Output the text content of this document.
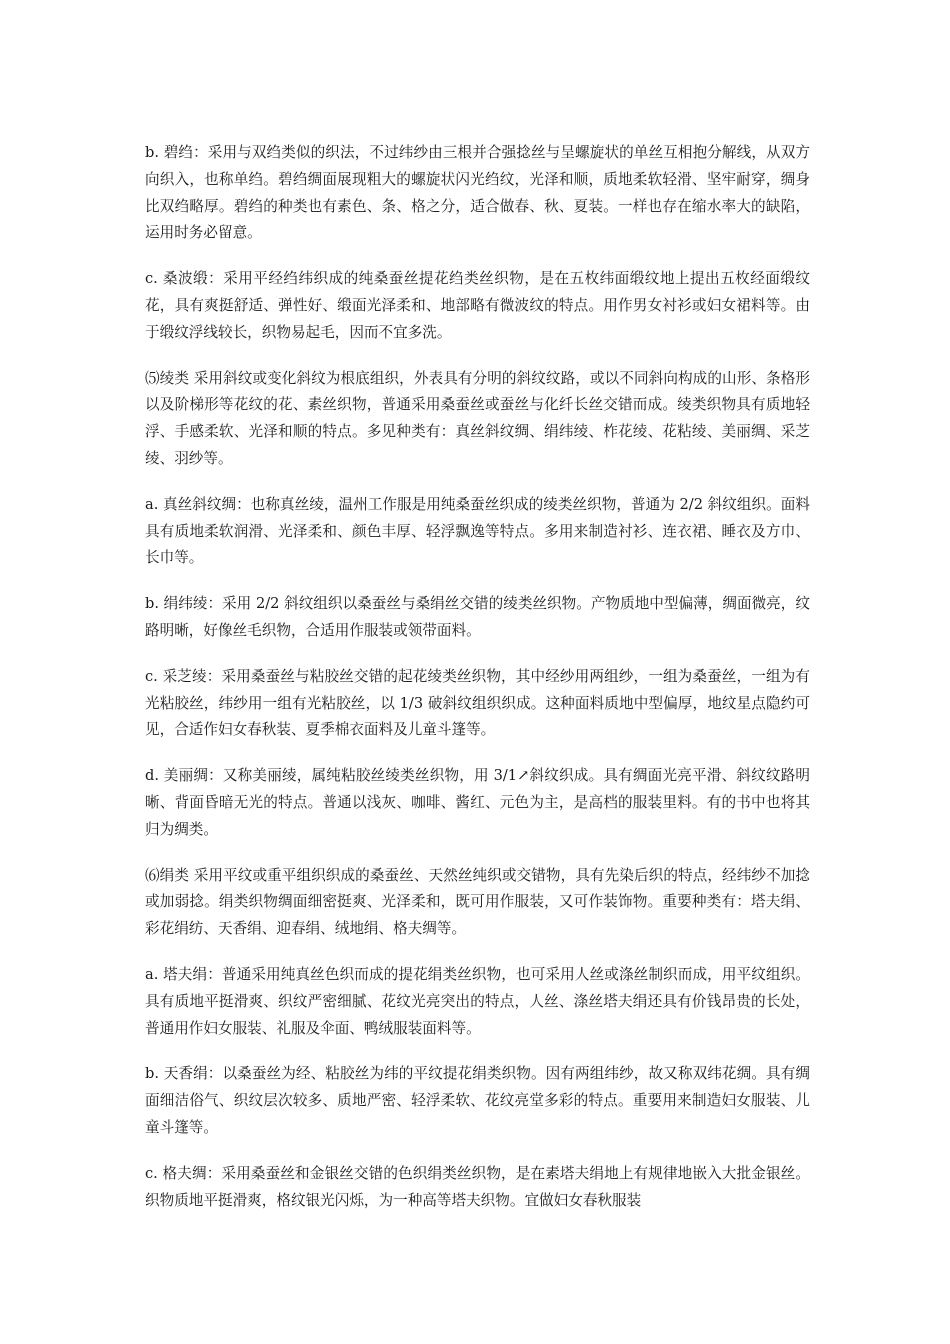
b. 碧绉：采用与双绉类似的织法，不过纬纱由三根并合强捻丝与呈螺旋状的单丝互相抱分解线，从双方向织入，也称单绉。碧绉绸面展现粗大的螺旋状闪光绉纹，光泽和顺，质地柔软轻滑、坚牢耐穿，绸身比双绉略厚。碧绉的种类也有素色、条、格之分，适合做春、秋、夏装。一样也存在缩水率大的缺陷，运用时务必留意。

c. 桑波缎：采用平经绉纬织成的纯桑蚕丝提花绉类丝织物，是在五枚纬面缎纹地上提出五枚经面缎纹花，具有爽挺舒适、弹性好、缎面光泽柔和、地部略有微波纹的特点。用作男女衬衫或妇女裙料等。由于缎纹浮线较长，织物易起毛，因而不宜多洗。

⑸绫类 采用斜纹或变化斜纹为根底组织，外表具有分明的斜纹纹路，或以不同斜向构成的山形、条格形以及阶梯形等花纹的花、素丝织物，普通采用桑蚕丝或蚕丝与化纤长丝交错而成。绫类织物具有质地轻浮、手感柔软、光泽和顺的特点。多见种类有：真丝斜纹绸、绢纬绫、柞花绫、花粘绫、美丽绸、采芝绫、羽纱等。

a. 真丝斜纹绸：也称真丝绫，温州工作服是用纯桑蚕丝织成的绫类丝织物，普通为 2/2 斜纹组织。面料具有质地柔软润滑、光泽柔和、颜色丰厚、轻浮飘逸等特点。多用来制造衬衫、连衣裙、睡衣及方巾、长巾等。

b. 绢纬绫：采用 2/2 斜纹组织以桑蚕丝与桑绢丝交错的绫类丝织物。产物质地中型偏薄，绸面微亮，纹路明晰，好像丝毛织物，合适用作服装或领带面料。

c. 采芝绫：采用桑蚕丝与粘胶丝交错的起花绫类丝织物，其中经纱用两组纱，一组为桑蚕丝，一组为有光粘胶丝，纬纱用一组有光粘胶丝，以 1/3 破斜纹组织织成。这种面料质地中型偏厚，地纹星点隐约可见，合适作妇女春秋装、夏季棉衣面料及儿童斗篷等。

d. 美丽绸：又称美丽绫，属纯粘胶丝绫类丝织物，用 3/1↗斜纹织成。具有绸面光亮平滑、斜纹纹路明晰、背面昏暗无光的特点。普通以浅灰、咖啡、酱红、元色为主，是高档的服装里料。有的书中也将其归为绸类。

⑹绢类 采用平纹或重平组织织成的桑蚕丝、天然丝纯织或交错物，具有先染后织的特点，经纬纱不加捻或加弱捻。绢类织物绸面细密挺爽、光泽柔和，既可用作服装，又可作装饰物。重要种类有：塔夫绢、彩花绢纺、天香绢、迎春绢、绒地绢、格夫绸等。

a. 塔夫绢：普通采用纯真丝色织而成的提花绢类丝织物，也可采用人丝或涤丝制织而成，用平纹组织。具有质地平挺滑爽、织纹严密细腻、花纹光亮突出的特点，人丝、涤丝塔夫绢还具有价钱昂贵的长处，普通用作妇女服装、礼服及伞面、鸭绒服装面料等。

b. 天香绢：以桑蚕丝为经、粘胶丝为纬的平纹提花绢类织物。因有两组纬纱，故又称双纬花绸。具有绸面细洁俗气、织纹层次较多、质地严密、轻浮柔软、花纹亮堂多彩的特点。重要用来制造妇女服装、儿童斗篷等。

c. 格夫绸：采用桑蚕丝和金银丝交错的色织绢类丝织物，是在素塔夫绢地上有规律地嵌入大批金银丝。织物质地平挺滑爽，格纹银光闪烁，为一种高等塔夫织物。宜做妇女春秋服装
